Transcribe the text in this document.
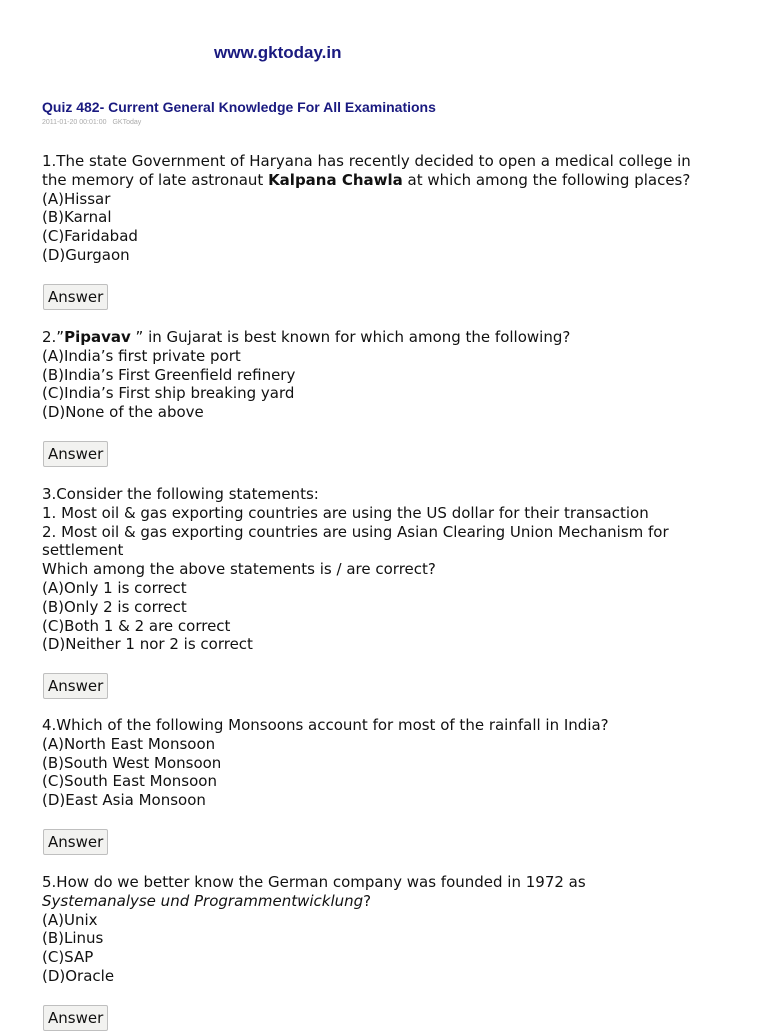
www.gktoday.in
Quiz 482- Current General Knowledge For All Examinations
2011-01-20 00:01:00 GKToday
1.The state Government of Haryana has recently decided to open a medical college in
the memory of late astronaut Kalpana Chawla at which among the following places?
(A)Hissar
(B)Karnal
(C)Faridabad
(D)Gurgaon
Answer
2.”Pipavav ” in Gujarat is best known for which among the following?
(A)India’s first private port
(B)India’s First Greenfield refinery
(C)India’s First ship breaking yard
(D)None of the above
Answer
3.Consider the following statements:
1. Most oil & gas exporting countries are using the US dollar for their transaction
2. Most oil & gas exporting countries are using Asian Clearing Union Mechanism for
settlement
Which among the above statements is / are correct?
(A)Only 1 is correct
(B)Only 2 is correct
(C)Both 1 & 2 are correct
(D)Neither 1 nor 2 is correct
Answer
4.Which of the following Monsoons account for most of the rainfall in India?
(A)North East Monsoon
(B)South West Monsoon
(C)South East Monsoon
(D)East Asia Monsoon
Answer
5.How do we better know the German company was founded in 1972 as
Systemanalyse und Programmentwicklung?
(A)Unix
(B)Linus
(C)SAP
(D)Oracle
Answer
